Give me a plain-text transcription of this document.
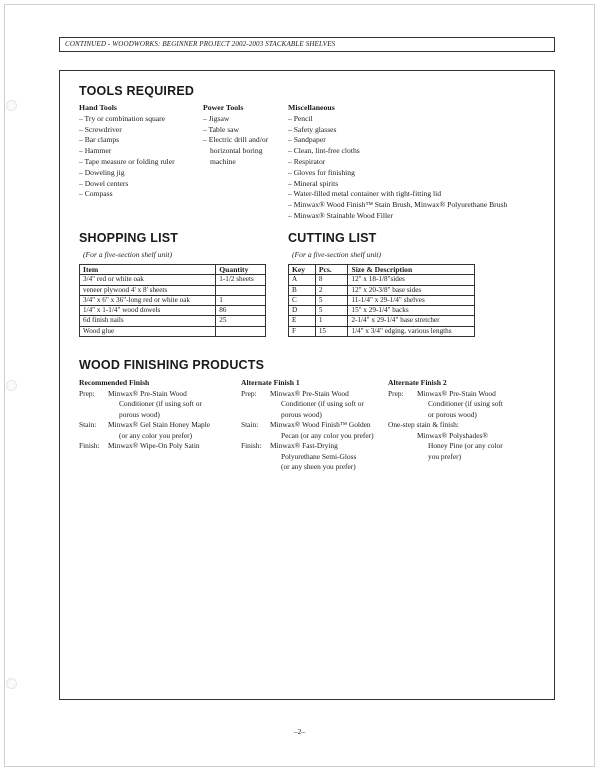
CONTINUED - WOODWORKS: BEGINNER PROJECT 2002-2003 STACKABLE SHELVES
TOOLS REQUIRED
Hand Tools
– Try or combination square
– Screwdriver
– Bar clamps
– Hammer
– Tape measure or folding ruler
– Doweling jig
– Dowel centers
– Compass
Power Tools
– Jigsaw
– Table saw
– Electric drill and/or
horizontal boring
machine
Miscellaneous
– Pencil
– Safety glasses
– Sandpaper
– Clean, lint-free cloths
– Respirator
– Gloves for finishing
– Mineral spirits
– Water-filled metal container with tight-fitting lid
– Minwax® Wood Finish™ Stain Brush, Minwax® Polyurethane Brush
– Minwax® Stainable Wood Filler
SHOPPING LIST
(For a five-section shelf unit)
Item	Quantity
3/4" red or white oak	1-1/2 sheets
veneer plywood 4' x 8' sheets	
3/4" x 6" x 36"-long red or white oak	1
1/4" x 1-1/4" wood dowels	86
6d finish nails	25
Wood glue	
CUTTING LIST
(For a five-section shelf unit)
Key	Pcs.	Size & Description
A	8	12" x 18-1/8"sides
B	2	12" x 20-3/8" base sides
C	5	11-1/4" x 29-1/4" shelves
D	5	15" x 29-1/4" backs
E	1	2-1/4" x 29-1/4" base stretcher
F	15	1/4" x 3/4" edging, various lengths
WOOD FINISHING PRODUCTS
Recommended Finish
Prep:	Minwax® Pre-Stain Wood
Conditioner (if using soft or
porous wood)
Stain:	Minwax® Gel Stain Honey Maple
(or any color you prefer)
Finish:	Minwax® Wipe-On Poly Satin
Alternate Finish 1
Prep:	Minwax® Pre-Stain Wood
Conditioner (if using soft or
porous wood)
Stain:	Minwax® Wood Finish™ Golden
Pecan (or any color you prefer)
Finish:	Minwax® Fast-Drying
Polyurethane Semi-Gloss
(or any sheen you prefer)
Alternate Finish 2
Prep:	Minwax® Pre-Stain Wood
Conditioner (if using soft
or porous wood)
One-step stain & finish:
Minwax® Polyshades®
Honey Pine (or any color
you prefer)
–2–
